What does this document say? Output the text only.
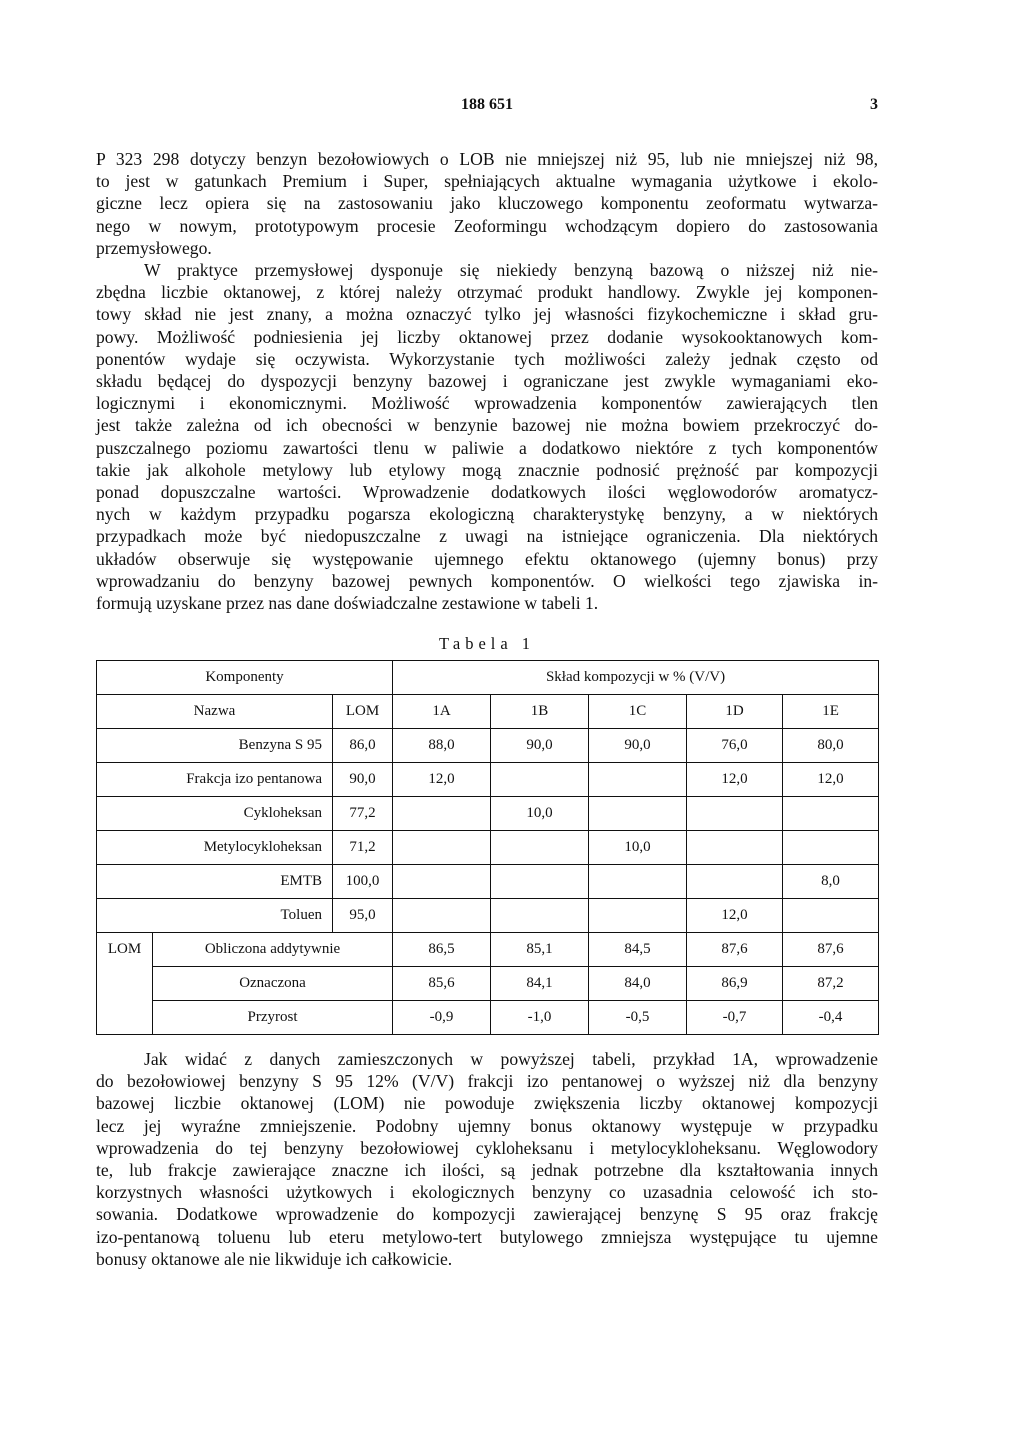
188 651	3
P 323 298 dotyczy benzyn bezołowiowych o LOB nie mniejszej niż 95, lub nie mniejszej niż 98,
to jest w gatunkach Premium i Super, spełniających aktualne wymagania użytkowe i ekolo-
giczne lecz opiera się na zastosowaniu jako kluczowego komponentu zeoformatu wytwarza-
nego w nowym, prototypowym procesie Zeoformingu wchodzącym dopiero do zastosowania
przemysłowego.
W praktyce przemysłowej dysponuje się niekiedy benzyną bazową o niższej niż nie-
zbędna liczbie oktanowej, z której należy otrzymać produkt handlowy. Zwykle jej komponen-
towy skład nie jest znany, a można oznaczyć tylko jej własności fizykochemiczne i skład gru-
powy. Możliwość podniesienia jej liczby oktanowej przez dodanie wysokooktanowych kom-
ponentów wydaje się oczywista. Wykorzystanie tych możliwości zależy jednak często od
składu będącej do dyspozycji benzyny bazowej i ograniczane jest zwykle wymaganiami eko-
logicznymi i ekonomicznymi. Możliwość wprowadzenia komponentów zawierających tlen
jest także zależna od ich obecności w benzynie bazowej nie można bowiem przekroczyć do-
puszczalnego poziomu zawartości tlenu w paliwie a dodatkowo niektóre z tych komponentów
takie jak alkohole metylowy lub etylowy mogą znacznie podnosić prężność par kompozycji
ponad dopuszczalne wartości. Wprowadzenie dodatkowych ilości węglowodorów aromatycz-
nych w każdym przypadku pogarsza ekologiczną charakterystykę benzyny, a w niektórych
przypadkach może być niedopuszczalne z uwagi na istniejące ograniczenia. Dla niektórych
układów obserwuje się występowanie ujemnego efektu oktanowego (ujemny bonus) przy
wprowadzaniu do benzyny bazowej pewnych komponentów. O wielkości tego zjawiska in-
formują uzyskane przez nas dane doświadczalne zestawione w tabeli 1.
Tabela 1
Komponenty			Skład kompozycji w % (V/V)				
Nazwa		LOM	1A	1B	1C	1D	1E
Benzyna S 95		86,0	88,0	90,0	90,0	76,0	80,0
Frakcja izo pentanowa		90,0	12,0			12,0	12,0
Cykloheksan		77,2		10,0			
Metylocykloheksan		71,2			10,0		
EMTB		100,0					8,0
Toluen		95,0				12,0	
LOM	Obliczona addytywnie		86,5	85,1	84,5	87,6	87,6
	Oznaczona		85,6	84,1	84,0	86,9	87,2
	Przyrost		-0,9	-1,0	-0,5	-0,7	-0,4
Jak widać z danych zamieszczonych w powyższej tabeli, przykład 1A, wprowadzenie
do bezołowiowej benzyny S 95 12% (V/V) frakcji izo pentanowej o wyższej niż dla benzyny
bazowej liczbie oktanowej (LOM) nie powoduje zwiększenia liczby oktanowej kompozycji
lecz jej wyraźne zmniejszenie. Podobny ujemny bonus oktanowy występuje w przypadku
wprowadzenia do tej benzyny bezołowiowej cykloheksanu i metylocykloheksanu. Węglowodory
te, lub frakcje zawierające znaczne ich ilości, są jednak potrzebne dla kształtowania innych
korzystnych własności użytkowych i ekologicznych benzyny co uzasadnia celowość ich sto-
sowania. Dodatkowe wprowadzenie do kompozycji zawierającej benzynę S 95 oraz frakcję
izo-pentanową toluenu lub eteru metylowo-tert butylowego zmniejsza występujące tu ujemne
bonusy oktanowe ale nie likwiduje ich całkowicie.
